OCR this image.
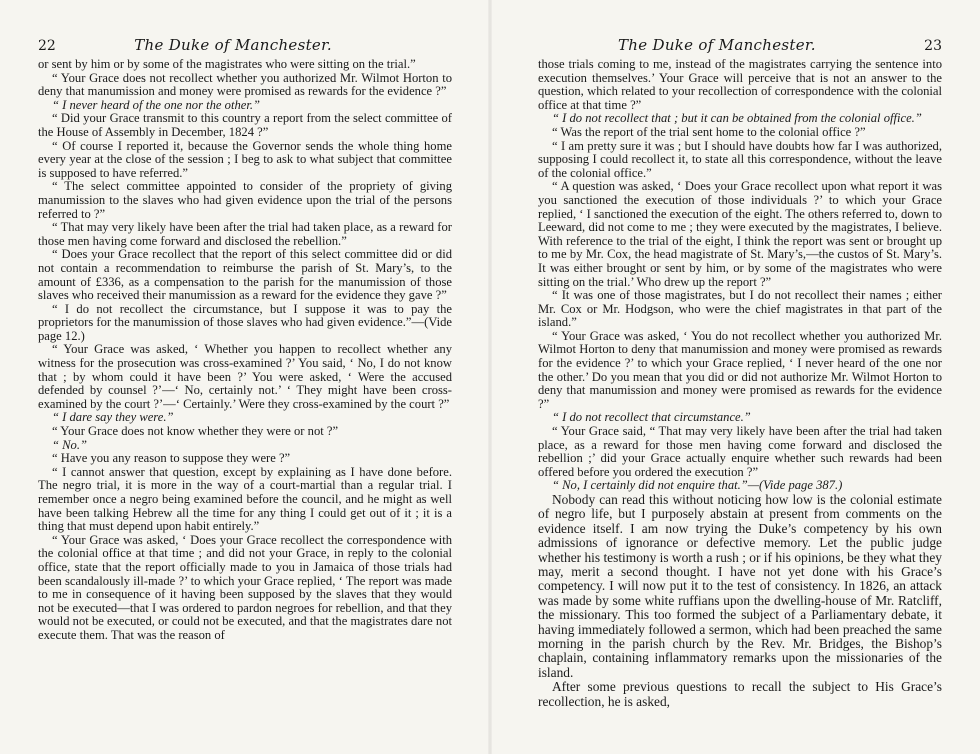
22	The Duke of Manchester.

or sent by him or by some of the magistrates who were sitting on the trial.”

“ Your Grace does not recollect whether you authorized Mr. Wilmot Horton to deny that manumission and money were promised as rewards for the evidence ?”

“ I never heard of the one nor the other.”

“ Did your Grace transmit to this country a report from the select committee of the House of Assembly in December, 1824 ?”

“ Of course I reported it, because the Governor sends the whole thing home every year at the close of the session ; I beg to ask to what subject that committee is supposed to have referred.”

“ The select committee appointed to consider of the propriety of giving manumission to the slaves who had given evidence upon the trial of the persons referred to ?”

“ That may very likely have been after the trial had taken place, as a reward for those men having come forward and disclosed the rebellion.”

“ Does your Grace recollect that the report of this select committee did or did not contain a recommendation to reimburse the parish of St. Mary’s, to the amount of £336, as a compensation to the parish for the manumission of those slaves who received their manumission as a reward for the evidence they gave ?”

“ I do not recollect the circumstance, but I suppose it was to pay the proprietors for the manumission of those slaves who had given evidence.”—(Vide page 12.)

“ Your Grace was asked, ‘ Whether you happen to recollect whether any witness for the prosecution was cross-examined ?’ You said, ‘ No, I do not know that ; by whom could it have been ?’ You were asked, ‘ Were the accused defended by counsel ?’—‘ No, certainly not.’ ‘ They might have been cross-examined by the court ?’—‘ Certainly.’ Were they cross-examined by the court ?”

“ I dare say they were.”

“ Your Grace does not know whether they were or not ?”

“ No.”

“ Have you any reason to suppose they were ?”

“ I cannot answer that question, except by explaining as I have done before. The negro trial, it is more in the way of a court-martial than a regular trial. I remember once a negro being examined before the council, and he might as well have been talking Hebrew all the time for any thing I could get out of it ; it is a thing that must depend upon habit entirely.”

“ Your Grace was asked, ‘ Does your Grace recollect the correspondence with the colonial office at that time ; and did not your Grace, in reply to the colonial office, state that the report officially made to you in Jamaica of those trials had been scandalously ill-made ?’ to which your Grace replied, ‘ The report was made to me in consequence of it having been supposed by the slaves that they would not be executed—that I was ordered to pardon negroes for rebellion, and that they would not be executed, or could not be executed, and that the magistrates dare not execute them. That was the reason of

The Duke of Manchester.	23

those trials coming to me, instead of the magistrates carrying the sentence into execution themselves.’ Your Grace will perceive that is not an answer to the question, which related to your recollection of correspondence with the colonial office at that time ?”

“ I do not recollect that ; but it can be obtained from the colonial office.”

“ Was the report of the trial sent home to the colonial office ?”

“ I am pretty sure it was ; but I should have doubts how far I was authorized, supposing I could recollect it, to state all this correspondence, without the leave of the colonial office.”

“ A question was asked, ‘ Does your Grace recollect upon what report it was you sanctioned the execution of those individuals ?’ to which your Grace replied, ‘ I sanctioned the execution of the eight. The others referred to, down to Leeward, did not come to me ; they were executed by the magistrates, I believe. With reference to the trial of the eight, I think the report was sent or brought up to me by Mr. Cox, the head magistrate of St. Mary’s,—the custos of St. Mary’s. It was either brought or sent by him, or by some of the magistrates who were sitting on the trial.’ Who drew up the report ?”

“ It was one of those magistrates, but I do not recollect their names ; either Mr. Cox or Mr. Hodgson, who were the chief magistrates in that part of the island.”

“ Your Grace was asked, ‘ You do not recollect whether you authorized Mr. Wilmot Horton to deny that manumission and money were promised as rewards for the evidence ?’ to which your Grace replied, ‘ I never heard of the one nor the other.’ Do you mean that you did or did not authorize Mr. Wilmot Horton to deny that manumission and money were promised as rewards for the evidence ?”

“ I do not recollect that circumstance.”

“ Your Grace said, “ That may very likely have been after the trial had taken place, as a reward for those men having come forward and disclosed the rebellion ;’ did your Grace actually enquire whether such rewards had been offered before you ordered the execution ?”

“ No, I certainly did not enquire that.”—(Vide page 387.)

Nobody can read this without noticing how low is the colonial estimate of negro life, but I purposely abstain at present from comments on the evidence itself. I am now trying the Duke’s competency by his own admissions of ignorance or defective memory. Let the public judge whether his testimony is worth a rush ; or if his opinions, be they what they may, merit a second thought. I have not yet done with his Grace’s competency. I will now put it to the test of consistency. In 1826, an attack was made by some white ruffians upon the dwelling-house of Mr. Ratcliff, the missionary. This too formed the subject of a Parliamentary debate, it having immediately followed a sermon, which had been preached the same morning in the parish church by the Rev. Mr. Bridges, the Bishop’s chaplain, containing inflammatory remarks upon the missionaries of the island.

After some previous questions to recall the subject to His Grace’s recollection, he is asked,
